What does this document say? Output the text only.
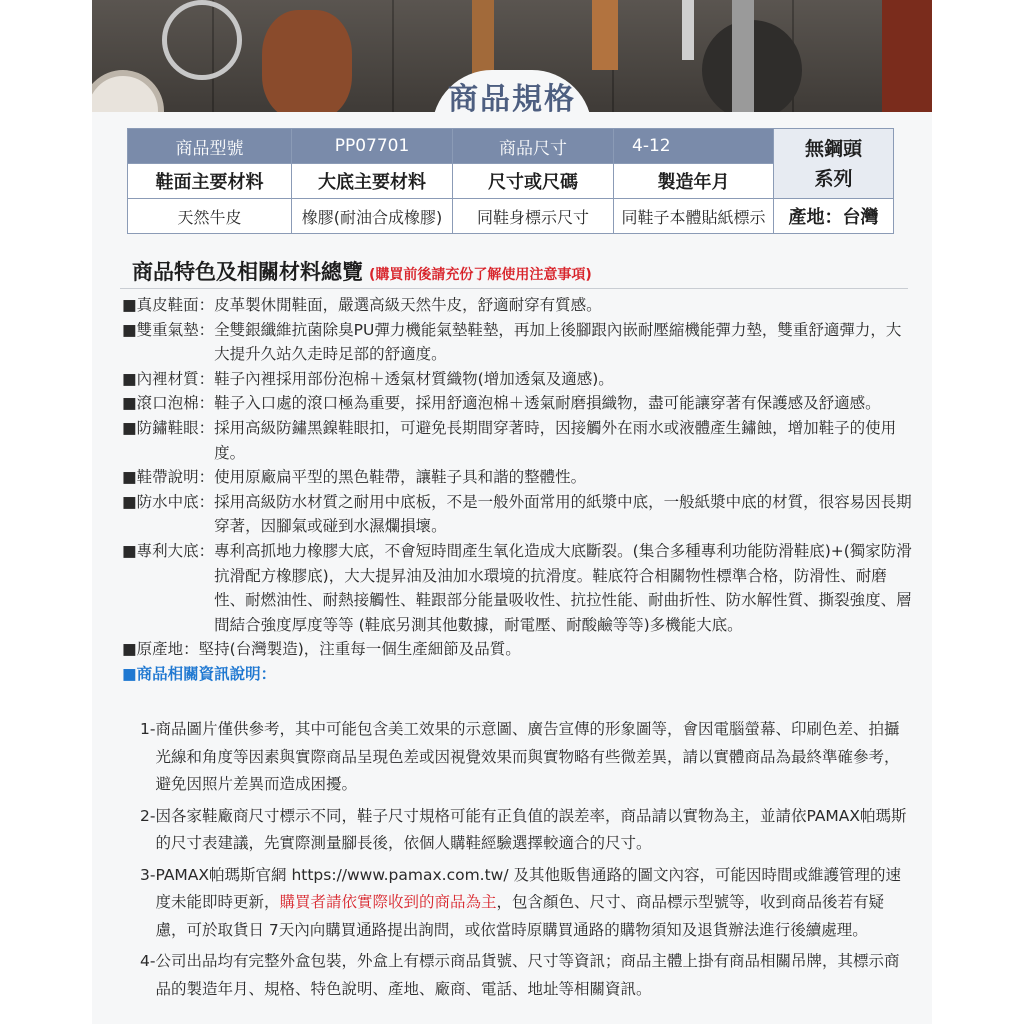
商品規格
商品型號	PP07701	商品尺寸	4-12	無鋼頭
系列
鞋面主要材料	大底主要材料	尺寸或尺碼	製造年月	
天然牛皮	橡膠(耐油合成橡膠)	同鞋身標示尺寸	同鞋子本體貼紙標示	產地：台灣
商品特色及相關材料總覽 (購買前後請充份了解使用注意事項)
■真皮鞋面： 皮革製休閒鞋面，嚴選高級天然牛皮，舒適耐穿有質感。
■雙重氣墊： 全雙銀纖維抗菌除臭PU彈力機能氣墊鞋墊，再加上後腳跟內嵌耐壓縮機能彈力墊，雙重舒適彈力，大大提升久站久走時足部的舒適度。
■內裡材質： 鞋子內裡採用部份泡棉＋透氣材質織物(增加透氣及適感)。
■滾口泡棉： 鞋子入口處的滾口極為重要，採用舒適泡棉＋透氣耐磨損織物，盡可能讓穿著有保護感及舒適感。
■防鏽鞋眼： 採用高級防鏽黑鎳鞋眼扣，可避免長期間穿著時，因接觸外在雨水或液體產生鏽蝕，增加鞋子的使用度。
■鞋帶說明： 使用原廠扁平型的黑色鞋帶，讓鞋子具和諧的整體性。
■防水中底： 採用高級防水材質之耐用中底板，不是一般外面常用的紙漿中底，一般紙漿中底的材質，很容易因長期穿著，因腳氣或碰到水濕爛損壞。
■專利大底： 專利高抓地力橡膠大底，不會短時間產生氧化造成大底斷裂。(集合多種專利功能防滑鞋底)+(獨家防滑抗滑配方橡膠底)，大大提昇油及油加水環境的抗滑度。鞋底符合相關物性標準合格，防滑性、耐磨性、耐燃油性、耐熱接觸性、鞋跟部分能量吸收性、抗拉性能、耐曲折性、防水解性質、撕裂強度、層間結合強度厚度等等 (鞋底另測其他數據，耐電壓、耐酸鹼等等)多機能大底。
■原產地： 堅持(台灣製造)，注重每一個生產細節及品質。
■商品相關資訊說明：
1- 商品圖片僅供參考，其中可能包含美工效果的示意圖、廣告宣傳的形象圖等，會因電腦螢幕、印刷色差、拍攝光線和角度等因素與實際商品呈現色差或因視覺效果而與實物略有些微差異，請以實體商品為最終準確參考，避免因照片差異而造成困擾。
2- 因各家鞋廠商尺寸標示不同，鞋子尺寸規格可能有正負值的誤差率，商品請以實物為主，並請依PAMAX帕瑪斯的尺寸表建議，先實際測量腳長後，依個人購鞋經驗選擇較適合的尺寸。
3- PAMAX帕瑪斯官網 https://www.pamax.com.tw/ 及其他販售通路的圖文內容，可能因時間或維護管理的速度未能即時更新，購買者請依實際收到的商品為主，包含顏色、尺寸、商品標示型號等，收到商品後若有疑慮，可於取貨日 7天內向購買通路提出詢問，或依當時原購買通路的購物須知及退貨辦法進行後續處理。
4- 公司出品均有完整外盒包裝，外盒上有標示商品貨號、尺寸等資訊；商品主體上掛有商品相關吊牌，其標示商品的製造年月、規格、特色說明、產地、廠商、電話、地址等相關資訊。
